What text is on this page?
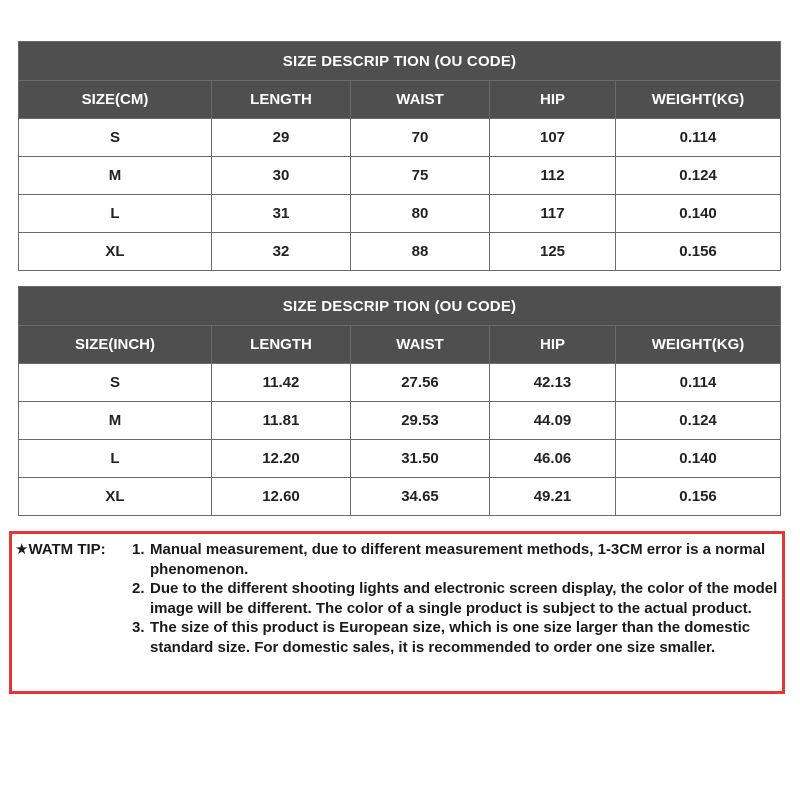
SIZE DESCRIP TION (OU CODE)				
SIZE(CM)	LENGTH	WAIST	HIP	WEIGHT(KG)
S	29	70	107	0.114
M	30	75	112	0.124
L	31	80	117	0.140
XL	32	88	125	0.156
SIZE DESCRIP TION (OU CODE)				
SIZE(INCH)	LENGTH	WAIST	HIP	WEIGHT(KG)
S	11.42	27.56	42.13	0.114
M	11.81	29.53	44.09	0.124
L	12.20	31.50	46.06	0.140
XL	12.60	34.65	49.21	0.156
★WATM TIP: 1. Manual measurement, due to different measurement methods, 1-3CM error is a normal phenomenon.
2. Due to the different shooting lights and electronic screen display, the color of the model image will be different. The color of a single product is subject to the actual product.
3. The size of this product is European size, which is one size larger than the domestic standard size. For domestic sales, it is recommended to order one size smaller.
